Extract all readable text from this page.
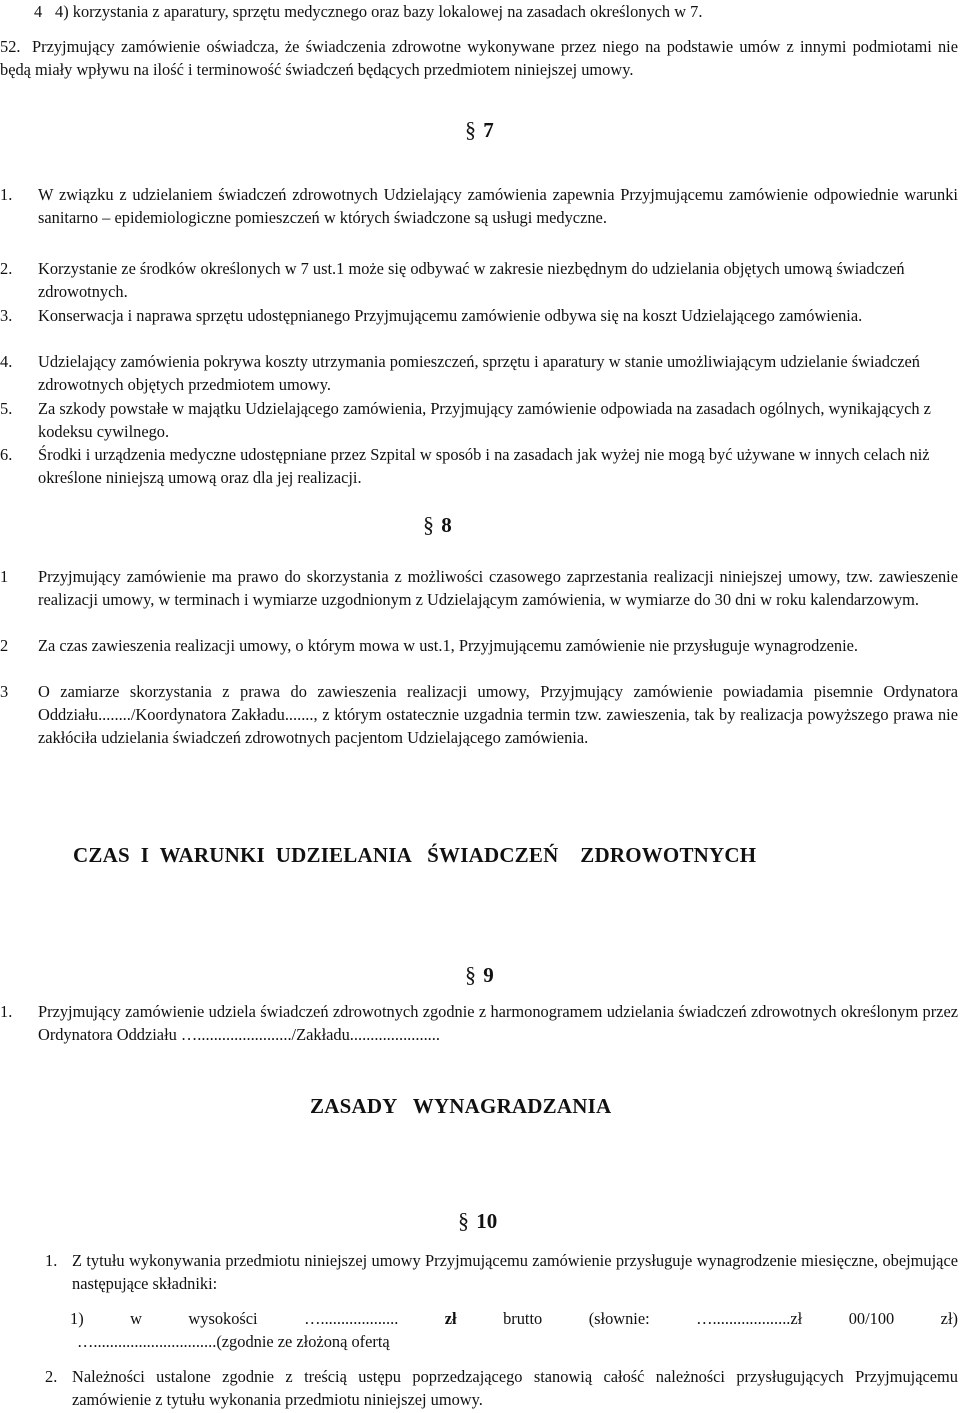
4 4) korzystania z aparatury, sprzętu medycznego oraz bazy lokalowej na zasadach określonych w 7.
52. Przyjmujący zamówienie oświadcza, że świadczenia zdrowotne wykonywane przez niego na podstawie umów z innymi podmiotami nie będą miały wpływu na ilość i terminowość świadczeń będących przedmiotem niniejszej umowy.
§ 7
1.	W związku z udzielaniem świadczeń zdrowotnych Udzielający zamówienia zapewnia Przyjmującemu zamówienie odpowiednie warunki sanitarno – epidemiologiczne pomieszczeń w których świadczone są usługi medyczne.
2.	Korzystanie ze środków określonych w 7 ust.1 może się odbywać w zakresie niezbędnym do udzielania objętych umową świadczeń zdrowotnych.
3.	Konserwacja i naprawa sprzętu udostępnianego Przyjmującemu zamówienie odbywa się na koszt Udzielającego zamówienia.
4.	Udzielający zamówienia pokrywa koszty utrzymania pomieszczeń, sprzętu i aparatury w stanie umożliwiającym udzielanie świadczeń zdrowotnych objętych przedmiotem umowy.
5.	Za szkody powstałe w majątku Udzielającego zamówienia, Przyjmujący zamówienie odpowiada na zasadach ogólnych, wynikających z kodeksu cywilnego.
6.	Środki i urządzenia medyczne udostępniane przez Szpital w sposób i na zasadach jak wyżej nie mogą być używane w innych celach niż określone niniejszą umową oraz dla jej realizacji.
§ 8
1	Przyjmujący zamówienie ma prawo do skorzystania z możliwości czasowego zaprzestania realizacji niniejszej umowy, tzw. zawieszenie realizacji umowy, w terminach i wymiarze uzgodnionym z Udzielającym zamówienia, w wymiarze do 30 dni w roku kalendarzowym.
2	Za czas zawieszenia realizacji umowy, o którym mowa w ust.1, Przyjmującemu zamówienie nie przysługuje wynagrodzenie.
3	O zamiarze skorzystania z prawa do zawieszenia realizacji umowy, Przyjmujący zamówienie powiadamia pisemnie Ordynatora Oddziału......../Koordynatora Zakładu......., z którym ostatecznie uzgadnia termin tzw. zawieszenia, tak by realizacja powyższego prawa nie zakłóciła udzielania świadczeń zdrowotnych pacjentom Udzielającego zamówienia.
CZAS  I  WARUNKI  UDZIELANIA   ŚWIADCZEŃ    ZDROWOTNYCH
§ 9
1.	Przyjmujący zamówienie udziela świadczeń zdrowotnych zgodnie z harmonogramem udzielania świadczeń zdrowotnych określonym przez Ordynatora Oddziału …......................./Zakładu......................
ZASADY   WYNAGRADZANIA
§ 10
1. Z tytułu wykonywania przedmiotu niniejszej umowy Przyjmującemu zamówienie przysługuje wynagrodzenie miesięczne, obejmujące następujące składniki:
1)	w	wysokości	…...................	zł	brutto	(słownie:	…...................zł	00/100	zł)
…..............................(zgodnie ze złożoną ofertą
2. Należności ustalone zgodnie z treścią ustępu poprzedzającego stanowią całość należności przysługujących Przyjmującemu zamówienie z tytułu wykonania przedmiotu niniejszej umowy.
